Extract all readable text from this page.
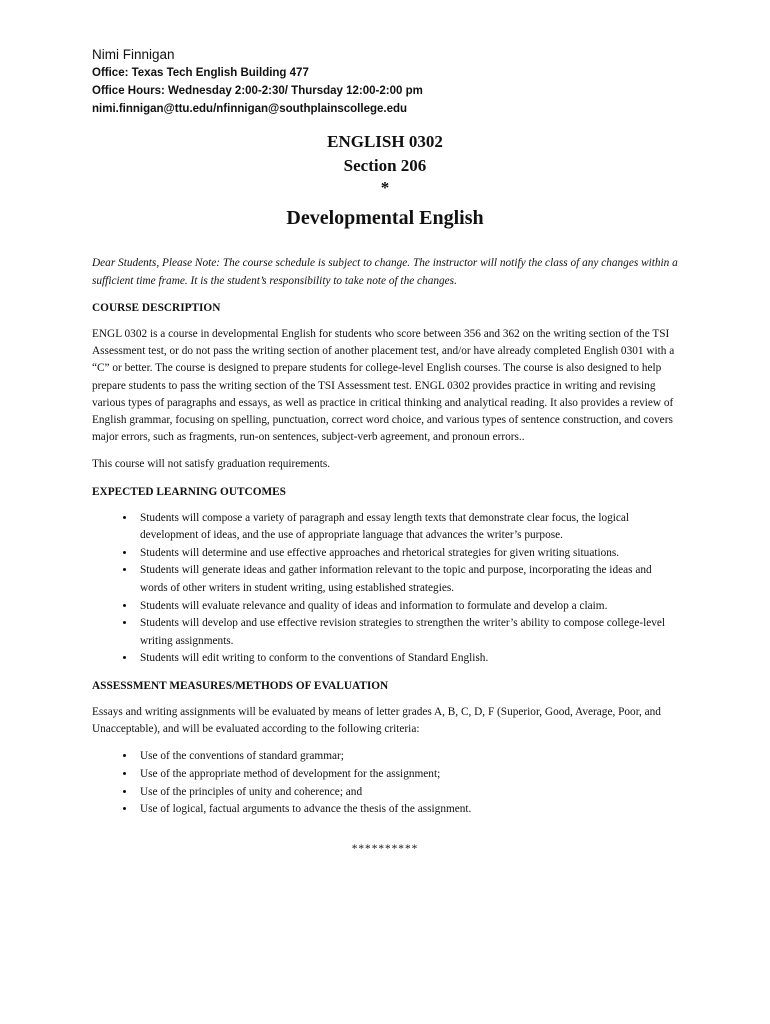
Nimi Finnigan
Office: Texas Tech English Building 477
Office Hours: Wednesday 2:00-2:30/ Thursday 12:00-2:00 pm
nimi.finnigan@ttu.edu/nfinnigan@southplainscollege.edu
ENGLISH 0302
Section 206
*
Developmental English
Dear Students, Please Note: The course schedule is subject to change. The instructor will notify the class of any changes within a sufficient time frame. It is the student’s responsibility to take note of the changes.
COURSE DESCRIPTION

ENGL 0302 is a course in developmental English for students who score between 356 and 362 on the writing section of the TSI Assessment test, or do not pass the writing section of another placement test, and/or have already completed English 0301 with a “C” or better. The course is designed to prepare students for college-level English courses. The course is also designed to help prepare students to pass the writing section of the TSI Assessment test. ENGL 0302 provides practice in writing and revising various types of paragraphs and essays, as well as practice in critical thinking and analytical reading. It also provides a review of English grammar, focusing on spelling, punctuation, correct word choice, and various types of sentence construction, and covers major errors, such as fragments, run-on sentences, subject-verb agreement, and pronoun errors..

This course will not satisfy graduation requirements.

EXPECTED LEARNING OUTCOMES
• Students will compose a variety of paragraph and essay length texts that demonstrate clear focus, the logical development of ideas, and the use of appropriate language that advances the writer’s purpose.
• Students will determine and use effective approaches and rhetorical strategies for given writing situations.
• Students will generate ideas and gather information relevant to the topic and purpose, incorporating the ideas and words of other writers in student writing, using established strategies.
• Students will evaluate relevance and quality of ideas and information to formulate and develop a claim.
• Students will develop and use effective revision strategies to strengthen the writer’s ability to compose college-level writing assignments.
• Students will edit writing to conform to the conventions of Standard English.
ASSESSMENT MEASURES/METHODS OF EVALUATION

Essays and writing assignments will be evaluated by means of letter grades A, B, C, D, F (Superior, Good, Average, Poor, and Unacceptable), and will be evaluated according to the following criteria:

• Use of the conventions of standard grammar;
• Use of the appropriate method of development for the assignment;
• Use of the principles of unity and coherence; and
• Use of logical, factual arguments to advance the thesis of the assignment.
**********
